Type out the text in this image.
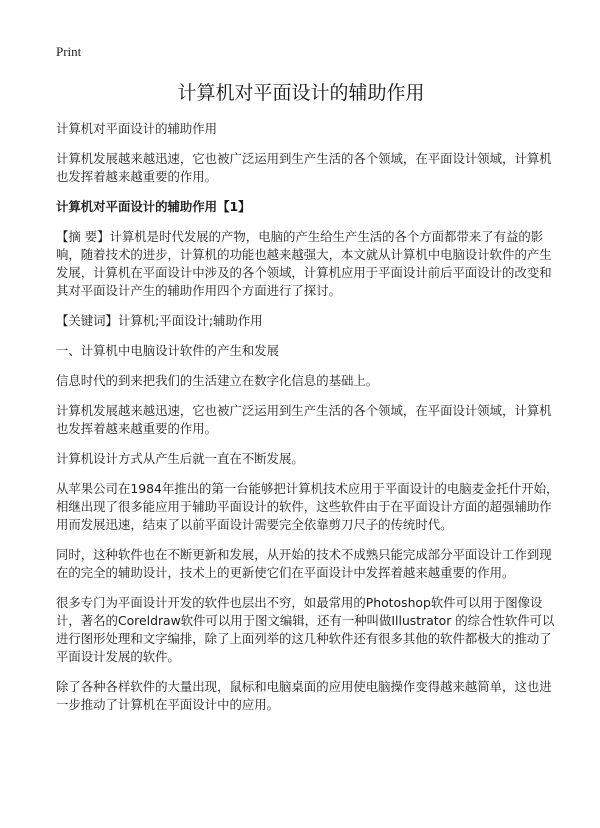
Print
计算机对平面设计的辅助作用

计算机对平面设计的辅助作用

计算机发展越来越迅速，它也被广泛运用到生产生活的各个领域，在平面设计领域，计算机也发挥着越来越重要的作用。

计算机对平面设计的辅助作用【1】

【摘 要】计算机是时代发展的产物，电脑的产生给生产生活的各个方面都带来了有益的影响，随着技术的进步，计算机的功能也越来越强大，本文就从计算机中电脑设计软件的产生发展，计算机在平面设计中涉及的各个领域，计算机应用于平面设计前后平面设计的改变和其对平面设计产生的辅助作用四个方面进行了探讨。

【关键词】计算机;平面设计;辅助作用

一、计算机中电脑设计软件的产生和发展

信息时代的到来把我们的生活建立在数字化信息的基础上。

计算机发展越来越迅速，它也被广泛运用到生产生活的各个领域，在平面设计领域，计算机也发挥着越来越重要的作用。

计算机设计方式从产生后就一直在不断发展。

从苹果公司在1984年推出的第一台能够把计算机技术应用于平面设计的电脑麦金托什开始，相继出现了很多能应用于辅助平面设计的软件，这些软件由于在平面设计方面的超强辅助作用而发展迅速，结束了以前平面设计需要完全依靠剪刀尺子的传统时代。

同时，这种软件也在不断更新和发展，从开始的技术不成熟只能完成部分平面设计工作到现在的完全的辅助设计，技术上的更新使它们在平面设计中发挥着越来越重要的作用。

很多专门为平面设计开发的软件也层出不穷，如最常用的Photoshop软件可以用于图像设计，著名的Coreldraw软件可以用于图文编辑，还有一种叫做Illustrator 的综合性软件可以进行图形处理和文字编排，除了上面列举的这几种软件还有很多其他的软件都极大的推动了平面设计发展的软件。

除了各种各样软件的大量出现，鼠标和电脑桌面的应用使电脑操作变得越来越简单，这也进一步推动了计算机在平面设计中的应用。
